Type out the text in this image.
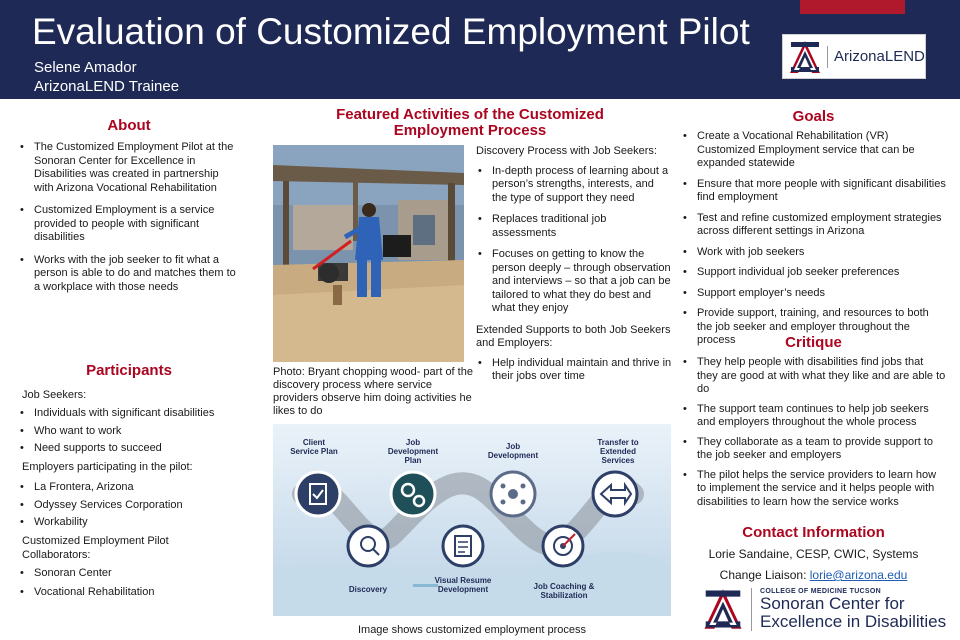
Evaluation of Customized Employment Pilot
Selene Amador
ArizonaLEND Trainee
ArizonaLEND
About
• The Customized Employment Pilot at the Sonoran Center for Excellence in Disabilities was created in partnership with Arizona Vocational Rehabilitation
• Customized Employment is a service provided to people with significant disabilities
• Works with the job seeker to fit what a person is able to do and matches them to a workplace with those needs
Participants
Job Seekers:
• Individuals with significant disabilities
• Who want to work
• Need supports to succeed
Employers participating in the pilot:
• La Frontera, Arizona
• Odyssey Services Corporation
• Workability
Customized Employment Pilot Collaborators:
• Sonoran Center
• Vocational Rehabilitation
Featured Activities of the Customized Employment Process
Photo: Bryant chopping wood- part of the discovery process where service providers observe him doing activities he likes to do
Discovery Process with Job Seekers:
• In-depth process of learning about a person’s strengths, interests, and the type of support they need
• Replaces traditional job assessments
• Focuses on getting to know the person deeply – through observation and interviews – so that a job can be tailored to what they do best and what they enjoy
Extended Supports to both Job Seekers and Employers:
• Help individual maintain and thrive in their jobs over time
Client Service Plan
Discovery
Job Development Plan
Visual Resume Development
Job Development
Job Coaching & Stabilization
Transfer to Extended Services
Image shows customized employment process
Goals
• Create a Vocational Rehabilitation (VR) Customized Employment service that can be expanded statewide
• Ensure that more people with significant disabilities find employment
• Test and refine customized employment strategies across different settings in Arizona
• Work with job seekers
• Support individual job seeker preferences
• Support employer’s needs
• Provide support, training, and resources to both the job seeker and employer throughout the process	Critique
• They help people with disabilities find jobs that they are good at with what they like and are able to do
• The support team continues to help job seekers and employers throughout the whole process
• They collaborate as a team to provide support to the job seeker and employers
• The pilot helps the service providers to learn how to implement the service and it helps people with disabilities to learn how the service works
Contact Information
Lorie Sandaine, CESP, CWIC, Systems
Change Liaison: lorie@arizona.edu
COLLEGE OF MEDICINE TUCSON
Sonoran Center for
Excellence in Disabilities
